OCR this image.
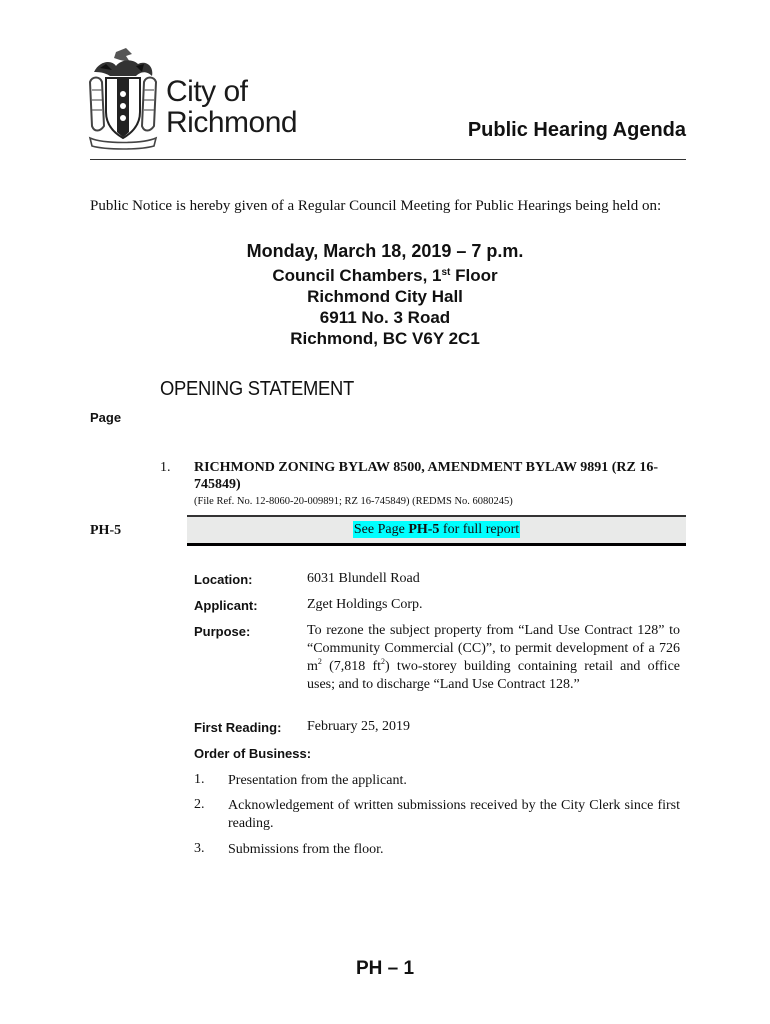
City of
Richmond	Public Hearing Agenda
Public Notice is hereby given of a Regular Council Meeting for Public Hearings being held on:
Monday, March 18, 2019 – 7 p.m.
Council Chambers, 1st Floor
Richmond City Hall
6911 No. 3 Road
Richmond, BC V6Y 2C1
OPENING STATEMENT
Page
1. RICHMOND ZONING BYLAW 8500, AMENDMENT BYLAW 9891 (RZ 16-745849)
(File Ref. No. 12-8060-20-009891; RZ 16-745849) (REDMS No. 6080245)
PH-5	See Page PH-5 for full report
Location:	6031 Blundell Road
Applicant:	Zget Holdings Corp.
Purpose:	To rezone the subject property from “Land Use Contract 128” to “Community Commercial (CC)”, to permit development of a 726 $m^2$ (7,818 $ft^2$) two-storey building containing retail and office uses; and to discharge “Land Use Contract 128.”
First Reading: February 25, 2019
Order of Business:
1. Presentation from the applicant.
2. Acknowledgement of written submissions received by the City Clerk since first reading.
3. Submissions from the floor.
PH – 1
